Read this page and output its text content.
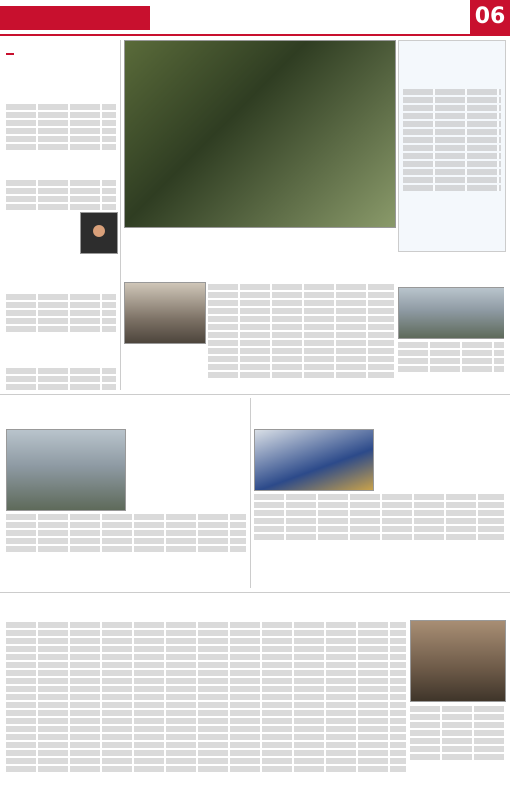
06
